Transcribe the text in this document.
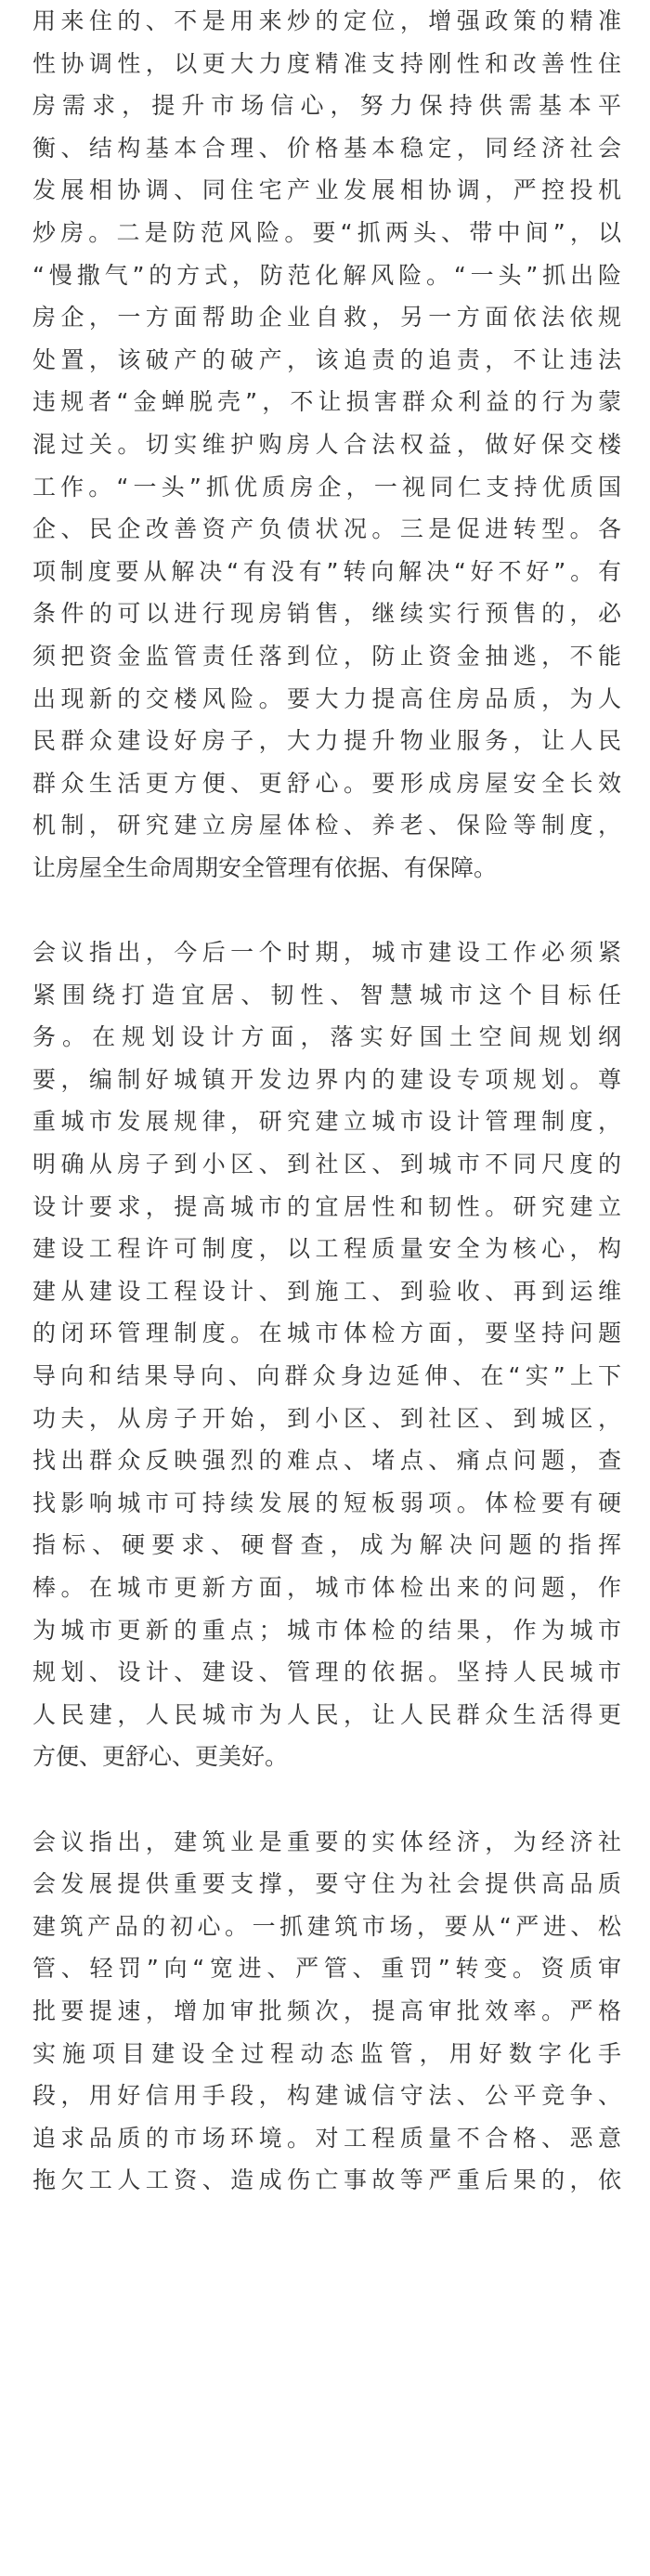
用来住的、不是用来炒的定位，增强政策的精准
性协调性，以更大力度精准支持刚性和改善性住
房需求，提升市场信心，努力保持供需基本平
衡、结构基本合理、价格基本稳定，同经济社会
发展相协调、同住宅产业发展相协调，严控投机
炒房。二是防范风险。要“抓两头、带中间”，以
“慢撒气”的方式，防范化解风险。“一头”抓出险
房企，一方面帮助企业自救，另一方面依法依规
处置，该破产的破产，该追责的追责，不让违法
违规者“金蝉脱壳”，不让损害群众利益的行为蒙
混过关。切实维护购房人合法权益，做好保交楼
工作。“一头”抓优质房企，一视同仁支持优质国
企、民企改善资产负债状况。三是促进转型。各
项制度要从解决“有没有”转向解决“好不好”。有
条件的可以进行现房销售，继续实行预售的，必
须把资金监管责任落到位，防止资金抽逃，不能
出现新的交楼风险。要大力提高住房品质，为人
民群众建设好房子，大力提升物业服务，让人民
群众生活更方便、更舒心。要形成房屋安全长效
机制，研究建立房屋体检、养老、保险等制度，
让房屋全生命周期安全管理有依据、有保障。
会议指出，今后一个时期，城市建设工作必须紧
紧围绕打造宜居、韧性、智慧城市这个目标任
务。在规划设计方面，落实好国土空间规划纲
要，编制好城镇开发边界内的建设专项规划。尊
重城市发展规律，研究建立城市设计管理制度，
明确从房子到小区、到社区、到城市不同尺度的
设计要求，提高城市的宜居性和韧性。研究建立
建设工程许可制度，以工程质量安全为核心，构
建从建设工程设计、到施工、到验收、再到运维
的闭环管理制度。在城市体检方面，要坚持问题
导向和结果导向、向群众身边延伸、在“实”上下
功夫，从房子开始，到小区、到社区、到城区，
找出群众反映强烈的难点、堵点、痛点问题，查
找影响城市可持续发展的短板弱项。体检要有硬
指标、硬要求、硬督查，成为解决问题的指挥
棒。在城市更新方面，城市体检出来的问题，作
为城市更新的重点；城市体检的结果，作为城市
规划、设计、建设、管理的依据。坚持人民城市
人民建，人民城市为人民，让人民群众生活得更
方便、更舒心、更美好。
会议指出，建筑业是重要的实体经济，为经济社
会发展提供重要支撑，要守住为社会提供高品质
建筑产品的初心。一抓建筑市场，要从“严进、松
管、轻罚”向“宽进、严管、重罚”转变。资质审
批要提速，增加审批频次，提高审批效率。严格
实施项目建设全过程动态监管，用好数字化手
段，用好信用手段，构建诚信守法、公平竞争、
追求品质的市场环境。对工程质量不合格、恶意
拖欠工人工资、造成伤亡事故等严重后果的，依
